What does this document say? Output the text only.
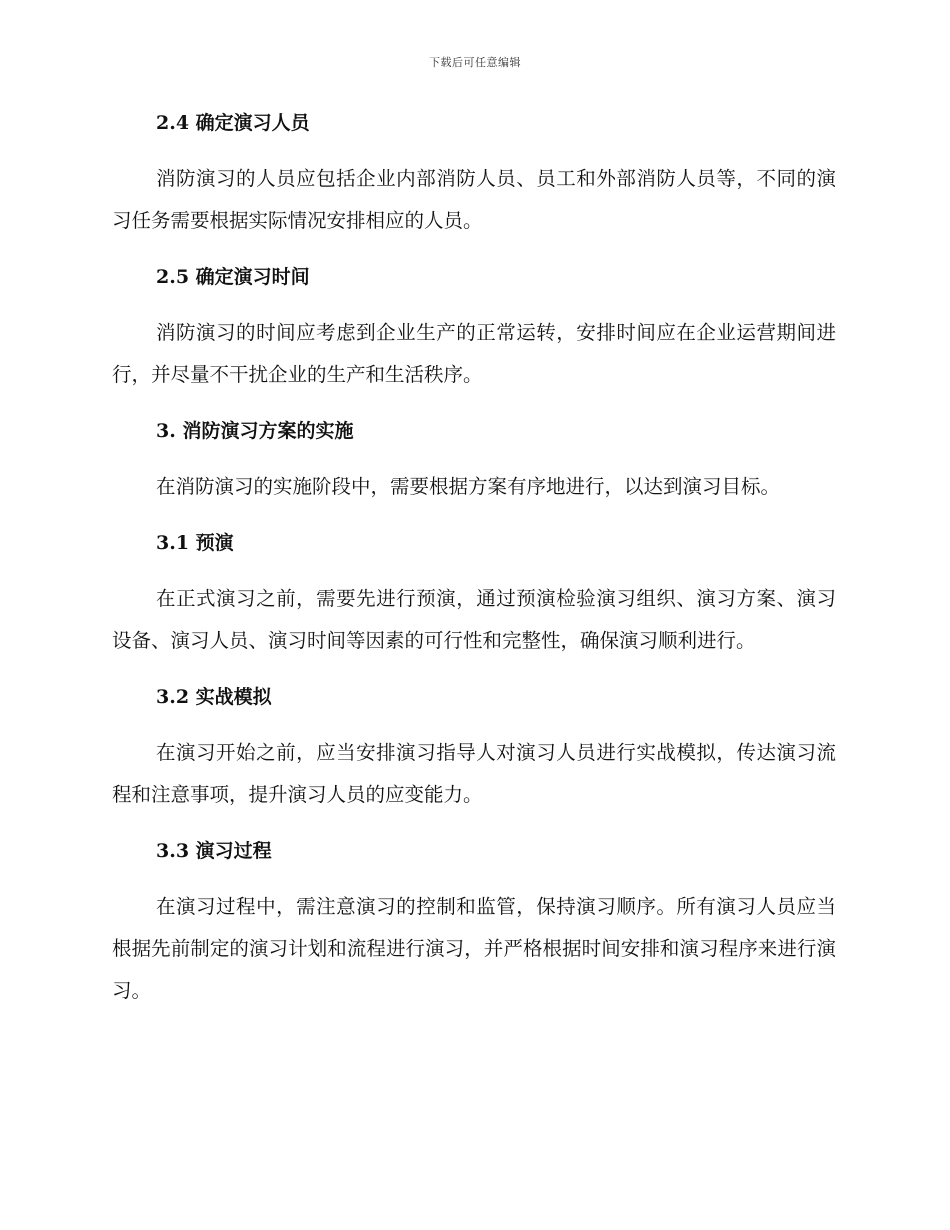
下载后可任意编辑
2.4 确定演习人员

消防演习的人员应包括企业内部消防人员、员工和外部消防人员等，不同的演习任务需要根据实际情况安排相应的人员。

2.5 确定演习时间

消防演习的时间应考虑到企业生产的正常运转，安排时间应在企业运营期间进行，并尽量不干扰企业的生产和生活秩序。

3. 消防演习方案的实施

在消防演习的实施阶段中，需要根据方案有序地进行，以达到演习目标。

3.1 预演

在正式演习之前，需要先进行预演，通过预演检验演习组织、演习方案、演习设备、演习人员、演习时间等因素的可行性和完整性，确保演习顺利进行。

3.2 实战模拟

在演习开始之前，应当安排演习指导人对演习人员进行实战模拟，传达演习流程和注意事项，提升演习人员的应变能力。

3.3 演习过程

在演习过程中，需注意演习的控制和监管，保持演习顺序。所有演习人员应当根据先前制定的演习计划和流程进行演习，并严格根据时间安排和演习程序来进行演习。
